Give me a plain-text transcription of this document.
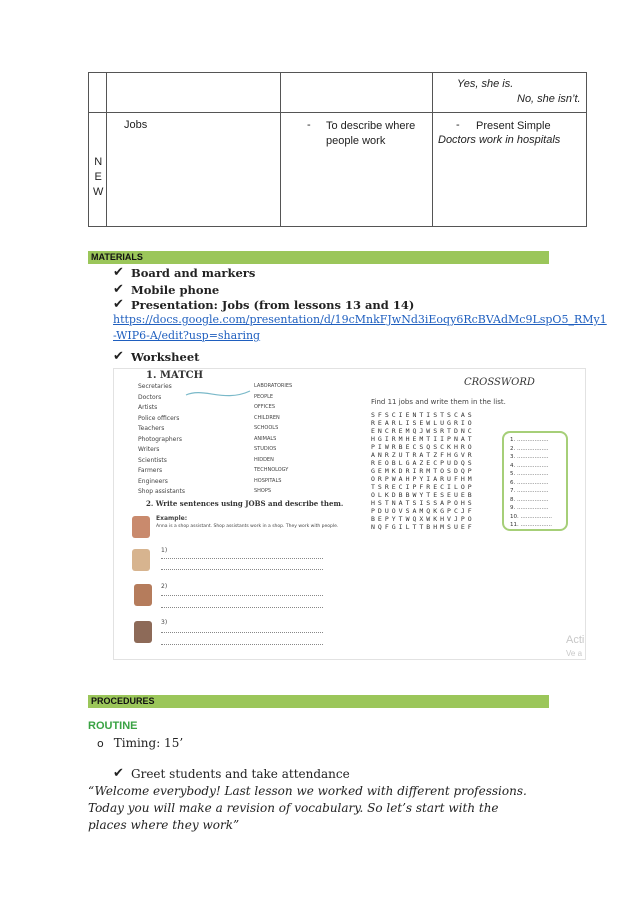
Yes, she is.
No, she isn’t.
N
E
W
Jobs	- To describe where people work
- Present Simple
Doctors work in hospitals
MATERIALS
✔ Board and markers
✔ Mobile phone
✔ Presentation: Jobs (from lessons 13 and 14)
https://docs.google.com/presentation/d/19cMnkFJwNd3iEoqy6RcBVAdMc9LspO5_RMy1
-WIP6-A/edit?usp=sharing
✔ Worksheet
1. MATCH
Secretaries
Doctors
Artists
Police officers
Teachers
Photographers
Writers
Scientists
Farmers
Engineers
Shop assistants
LABORATORIES
PEOPLE
OFFICES
CHILDREN
SCHOOLS
ANIMALS
STUDIOS
HIDDEN
TECHNOLOGY
HOSPITALS
SHOPS
2. Write sentences using JOBS and describe them.
Example:
Anna is a shop assistant. Shop assistants work in a shop. They work with people.
1)
2)
3)
CROSSWORD
Find 11 jobs and write them in the list.
SFSCIENTISTSCAS
REARLISEWLUGRIO
ENCREMQJWSRTDNC
HGIRMHEMTIIPNAT
PIWRBECSQSCKHRO
ANRZUTRATZFHGVR
REOBLGAZECPUDQS
GEMKDRIRMTOSDQP
ORPWAHPYIARUFHM
TSRECIPFRECILOP
OLKDBBWYTESEUEB
HSTNATSISSAPOHS
PDUOVSAMQKGPCJF
BEPYTWQXWKHVJPO
NQFGILTTBHMSUEF
1. ..................
2. ..................
3. ..................
4. ..................
5. ..................
6. ..................
7. ..................
8. ..................
9. ..................
10. ..................
11. ..................
Acti
Ve a
PROCEDURES
ROUTINE
o Timing: 15’
✔ Greet students and take attendance
“Welcome everybody! Last lesson we worked with different professions. Today you will make a revision of vocabulary. So let’s start with the places where they work”
